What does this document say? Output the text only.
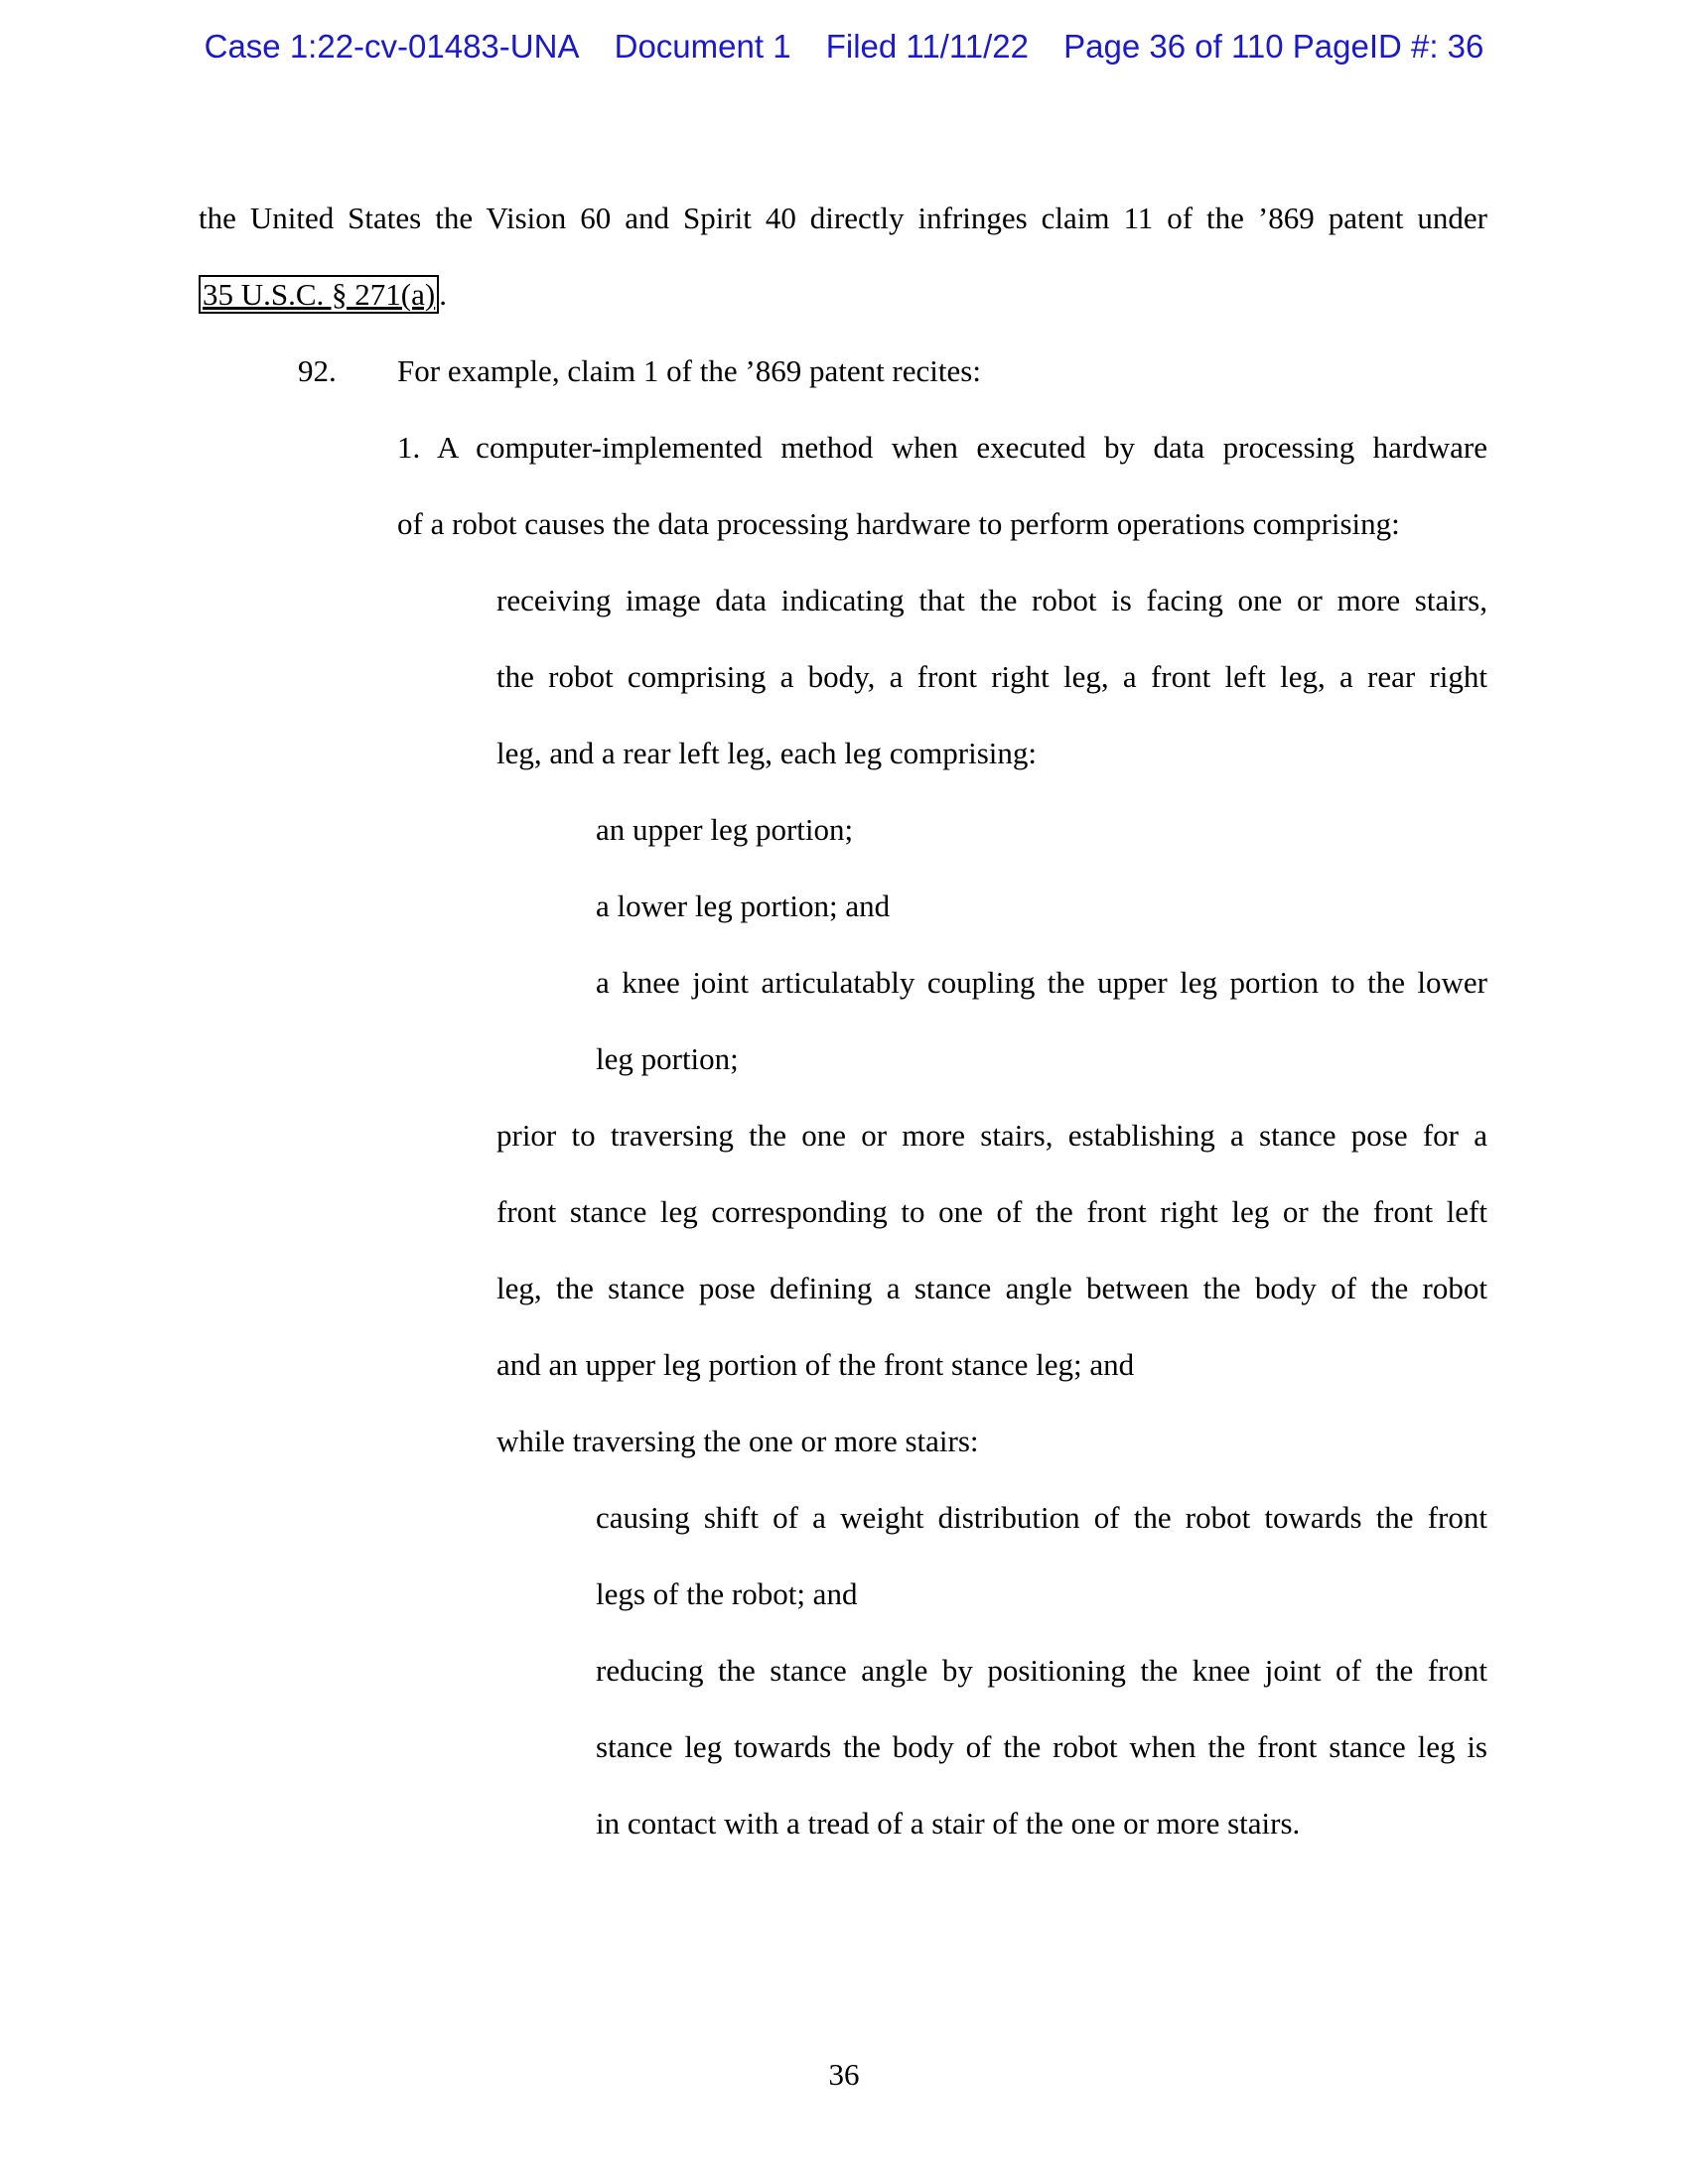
Case 1:22-cv-01483-UNA Document 1 Filed 11/11/22 Page 36 of 110 PageID #: 36
the United States the Vision 60 and Spirit 40 directly infringes claim 11 of the ’869 patent under
35 U.S.C. § 271(a) .
92. For example, claim 1 of the ’869 patent recites:
1. A computer-implemented method when executed by data processing hardware
of a robot causes the data processing hardware to perform operations comprising:
receiving image data indicating that the robot is facing one or more stairs,
the robot comprising a body, a front right leg, a front left leg, a rear right
leg, and a rear left leg, each leg comprising:
an upper leg portion;
a lower leg portion; and
a knee joint articulatably coupling the upper leg portion to the lower
leg portion;
prior to traversing the one or more stairs, establishing a stance pose for a
front stance leg corresponding to one of the front right leg or the front left
leg, the stance pose defining a stance angle between the body of the robot
and an upper leg portion of the front stance leg; and
while traversing the one or more stairs:
causing shift of a weight distribution of the robot towards the front
legs of the robot; and
reducing the stance angle by positioning the knee joint of the front
stance leg towards the body of the robot when the front stance leg is
in contact with a tread of a stair of the one or more stairs.
36
